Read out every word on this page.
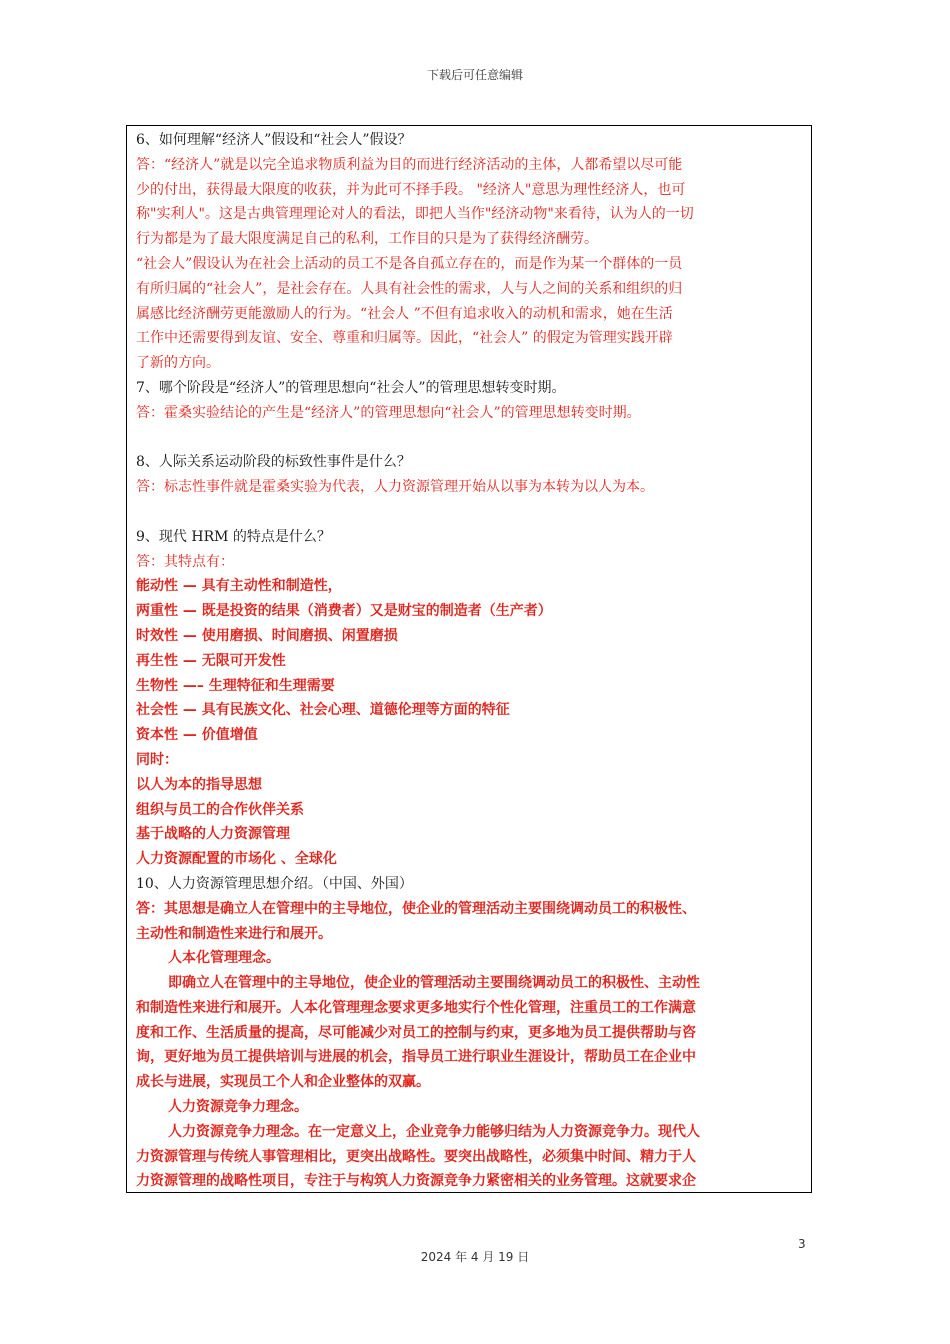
下载后可任意编辑
6、如何理解“经济人”假设和“社会人”假设？
答：“经济人”就是以完全追求物质利益为目的而进行经济活动的主体，人都希望以尽可能
少的付出，获得最大限度的收获，并为此可不择手段。 "经济人"意思为理性经济人，也可
称"实利人"。这是古典管理理论对人的看法，即把人当作"经济动物"来看待，认为人的一切
行为都是为了最大限度满足自己的私利，工作目的只是为了获得经济酬劳。
“社会人”假设认为在社会上活动的员工不是各自孤立存在的，而是作为某一个群体的一员
有所归属的“社会人”，是社会存在。人具有社会性的需求，人与人之间的关系和组织的归
属感比经济酬劳更能激励人的行为。“社会人 ”不但有追求收入的动机和需求，她在生活
工作中还需要得到友谊、安全、尊重和归属等。因此，“社会人” 的假定为管理实践开辟
了新的方向。
7、哪个阶段是“经济人”的管理思想向“社会人”的管理思想转变时期。
答：霍桑实验结论的产生是“经济人”的管理思想向“社会人”的管理思想转变时期。
8、人际关系运动阶段的标致性事件是什么？
答：标志性事件就是霍桑实验为代表，人力资源管理开始从以事为本转为以人为本。
9、现代 HRM 的特点是什么？
答：其特点有：
能动性 — 具有主动性和制造性，
两重性 — 既是投资的结果（消费者）又是财宝的制造者（生产者）
时效性 — 使用磨损、时间磨损、闲置磨损
再生性 — 无限可开发性
生物性 —– 生理特征和生理需要
社会性 — 具有民族文化、社会心理、道德伦理等方面的特征
资本性 — 价值增值
同时：
以人为本的指导思想
组织与员工的合作伙伴关系
基于战略的人力资源管理
人力资源配置的市场化 、全球化
10、人力资源管理思想介绍。（中国、外国）
答：其思想是确立人在管理中的主导地位，使企业的管理活动主要围绕调动员工的积极性、
主动性和制造性来进行和展开。
人本化管理理念。
即确立人在管理中的主导地位，使企业的管理活动主要围绕调动员工的积极性、主动性
和制造性来进行和展开。人本化管理理念要求更多地实行个性化管理，注重员工的工作满意
度和工作、生活质量的提高，尽可能减少对员工的控制与约束，更多地为员工提供帮助与咨
询，更好地为员工提供培训与进展的机会，指导员工进行职业生涯设计，帮助员工在企业中
成长与进展，实现员工个人和企业整体的双赢。
人力资源竞争力理念。
人力资源竞争力理念。在一定意义上，企业竞争力能够归结为人力资源竞争力。现代人
力资源管理与传统人事管理相比，更突出战略性。要突出战略性，必须集中时间、精力于人
力资源管理的战略性项目，专注于与构筑人力资源竞争力紧密相关的业务管理。这就要求企
3
2024 年 4 月 19 日
